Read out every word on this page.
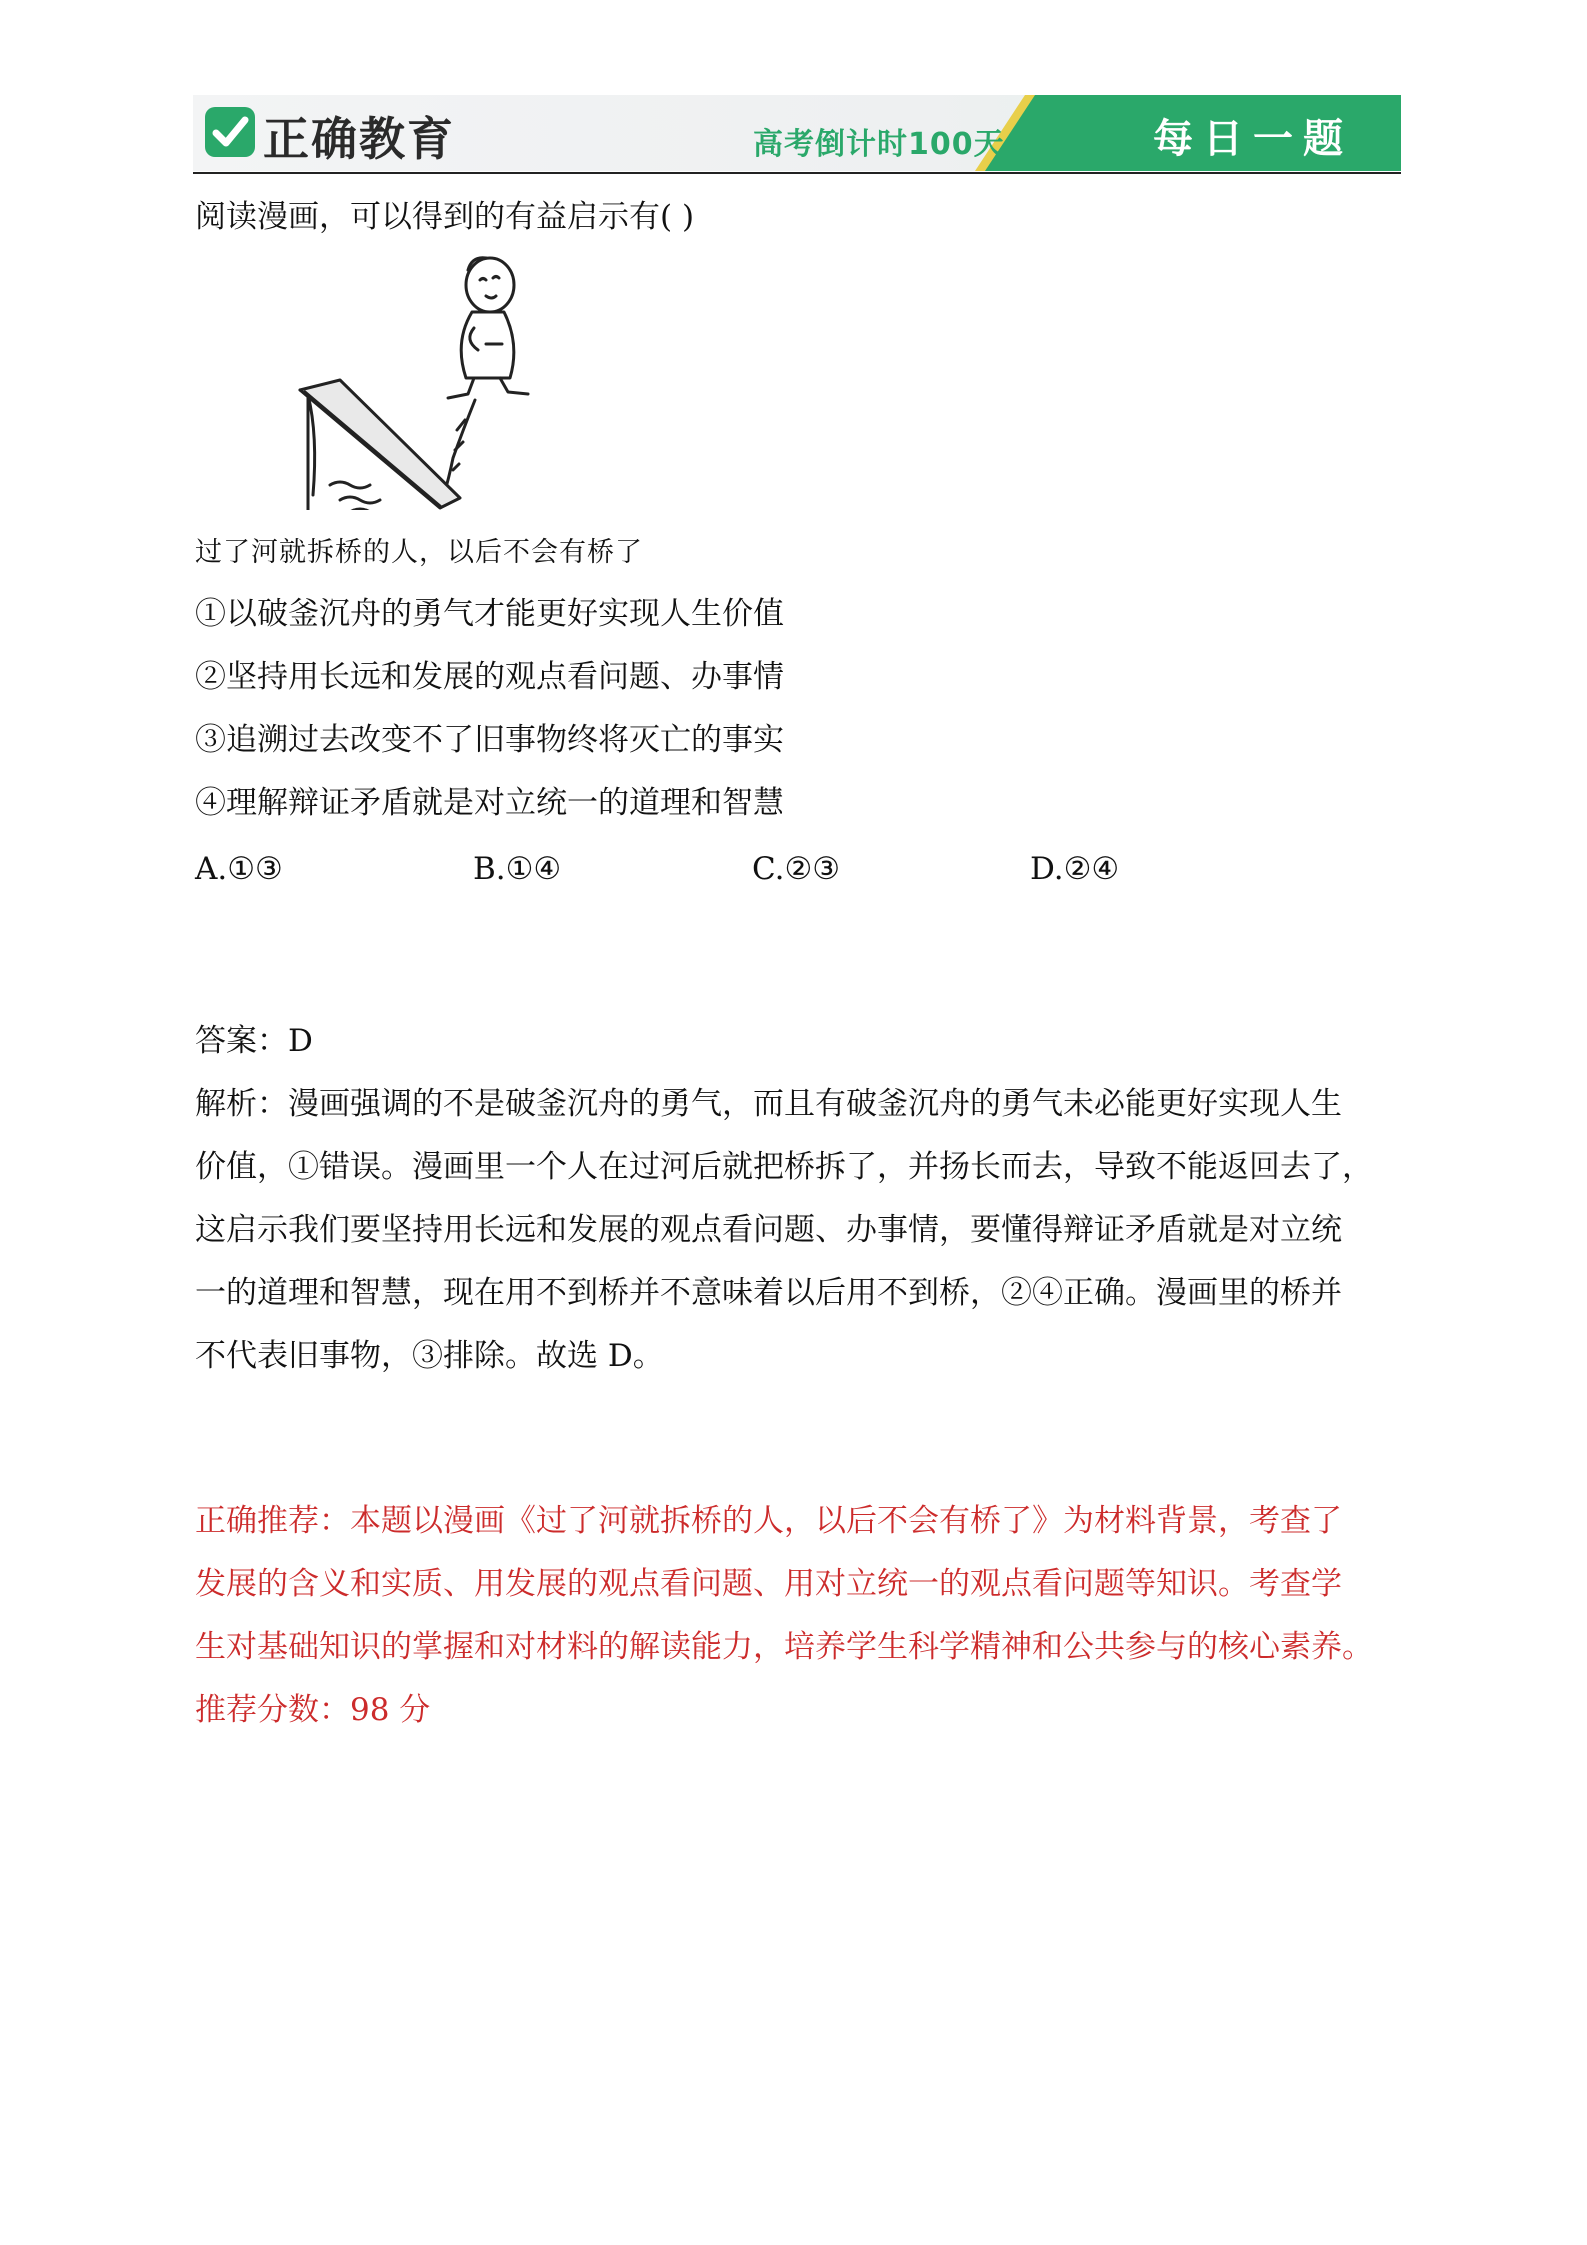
正确教育	高考倒计时100天	每日一题
阅读漫画，可以得到的有益启示有( )
过了河就拆桥的人，以后不会有桥了
①以破釜沉舟的勇气才能更好实现人生价值
②坚持用长远和发展的观点看问题、办事情
③追溯过去改变不了旧事物终将灭亡的事实
④理解辩证矛盾就是对立统一的道理和智慧
A.①③	B.①④	C.②③	D.②④
答案：D
解析：漫画强调的不是破釜沉舟的勇气，而且有破釜沉舟的勇气未必能更好实现人生
价值，①错误。漫画里一个人在过河后就把桥拆了，并扬长而去，导致不能返回去了，
这启示我们要坚持用长远和发展的观点看问题、办事情，要懂得辩证矛盾就是对立统
一的道理和智慧，现在用不到桥并不意味着以后用不到桥，②④正确。漫画里的桥并
不代表旧事物，③排除。故选 D。
正确推荐：本题以漫画《过了河就拆桥的人，以后不会有桥了》为材料背景，考查了
发展的含义和实质、用发展的观点看问题、用对立统一的观点看问题等知识。考查学
生对基础知识的掌握和对材料的解读能力，培养学生科学精神和公共参与的核心素养。
推荐分数：98 分
